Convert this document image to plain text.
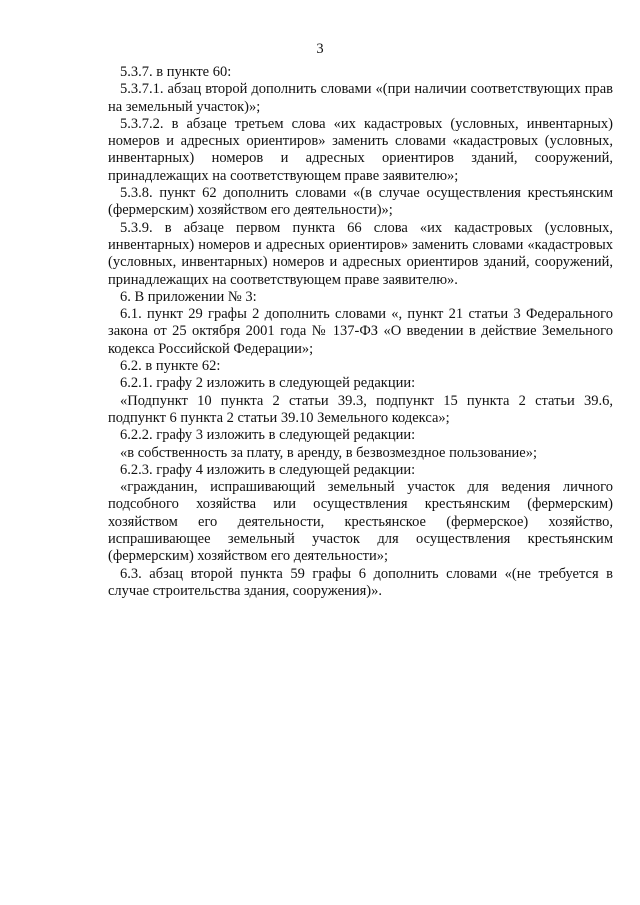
3

5.3.7. в пункте 60:

5.3.7.1. абзац второй дополнить словами «(при наличии соответствующих прав на земельный участок)»;

5.3.7.2. в абзаце третьем слова «их кадастровых (условных, инвентарных) номеров и адресных ориентиров» заменить словами «кадастровых (условных, инвентарных) номеров и адресных ориентиров зданий, сооружений, принадлежащих на соответствующем праве заявителю»;

5.3.8. пункт 62 дополнить словами «(в случае осуществления крестьянским (фермерским) хозяйством его деятельности)»;

5.3.9. в абзаце первом пункта 66 слова «их кадастровых (условных, инвентарных) номеров и адресных ориентиров» заменить словами «кадастровых (условных, инвентарных) номеров и адресных ориентиров зданий, сооружений, принадлежащих на соответствующем праве заявителю».

6. В приложении № 3:

6.1. пункт 29 графы 2 дополнить словами «, пункт 21 статьи 3 Федерального закона от 25 октября 2001 года № 137-ФЗ «О введении в действие Земельного кодекса Российской Федерации»;

6.2. в пункте 62:

6.2.1. графу 2 изложить в следующей редакции:

«Подпункт 10 пункта 2 статьи 39.3, подпункт 15 пункта 2 статьи 39.6, подпункт 6 пункта 2 статьи 39.10 Земельного кодекса»;

6.2.2. графу 3 изложить в следующей редакции:

«в собственность за плату, в аренду, в безвозмездное пользование»;

6.2.3. графу 4 изложить в следующей редакции:

«гражданин, испрашивающий земельный участок для ведения личного подсобного хозяйства или осуществления крестьянским (фермерским) хозяйством его деятельности, крестьянское (фермерское) хозяйство, испрашивающее земельный участок для осуществления крестьянским (фермерским) хозяйством его деятельности»;

6.3. абзац второй пункта 59 графы 6 дополнить словами «(не требуется в случае строительства здания, сооружения)».
